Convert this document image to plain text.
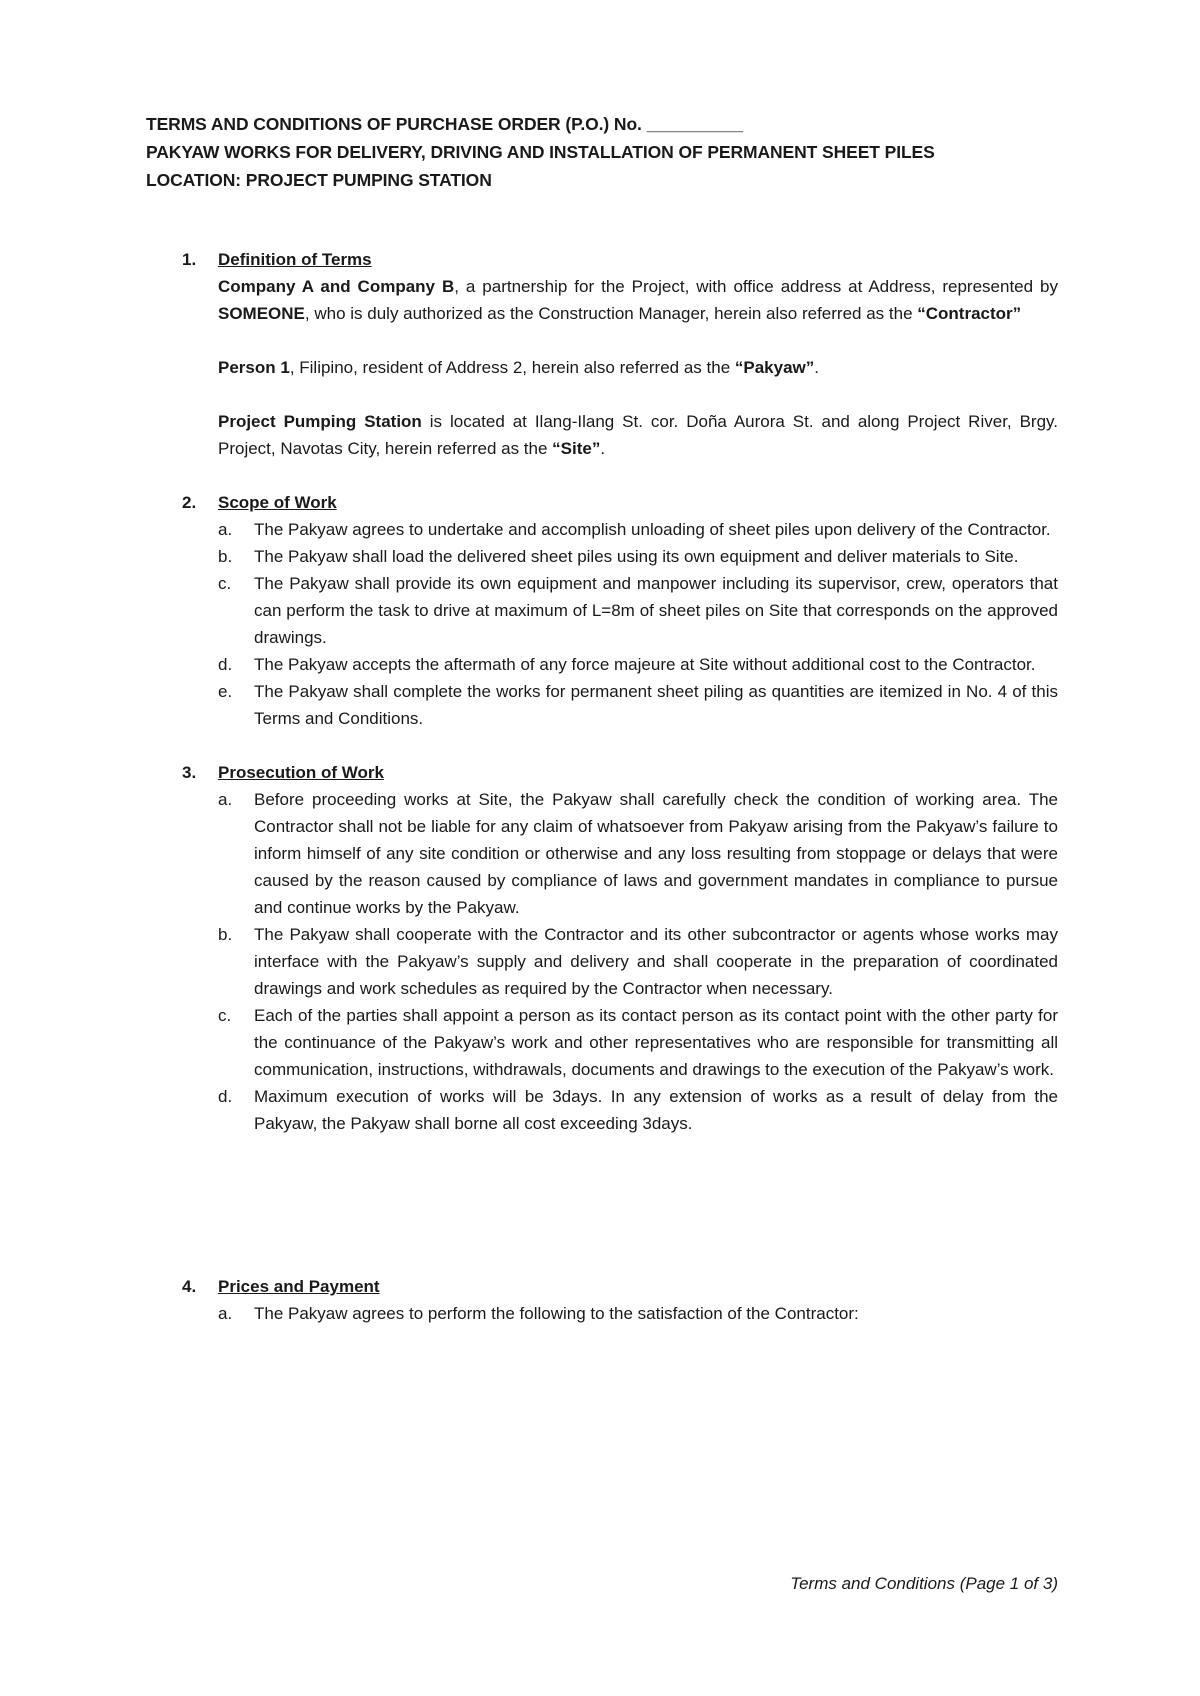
TERMS AND CONDITIONS OF PURCHASE ORDER (P.O.) No. __________
PAKYAW WORKS FOR DELIVERY, DRIVING AND INSTALLATION OF PERMANENT SHEET PILES
LOCATION: PROJECT PUMPING STATION
1. Definition of Terms
Company A and Company B, a partnership for the Project, with office address at Address, represented by SOMEONE, who is duly authorized as the Construction Manager, herein also referred as the “Contractor”
Person 1, Filipino, resident of Address 2, herein also referred as the “Pakyaw”.
Project Pumping Station is located at Ilang-Ilang St. cor. Doña Aurora St. and along Project River, Brgy. Project, Navotas City, herein referred as the “Site”.
2. Scope of Work
a. The Pakyaw agrees to undertake and accomplish unloading of sheet piles upon delivery of the Contractor.
b. The Pakyaw shall load the delivered sheet piles using its own equipment and deliver materials to Site.
c. The Pakyaw shall provide its own equipment and manpower including its supervisor, crew, operators that can perform the task to drive at maximum of L=8m of sheet piles on Site that corresponds on the approved drawings.
d. The Pakyaw accepts the aftermath of any force majeure at Site without additional cost to the Contractor.
e. The Pakyaw shall complete the works for permanent sheet piling as quantities are itemized in No. 4 of this Terms and Conditions.
3. Prosecution of Work
a. Before proceeding works at Site, the Pakyaw shall carefully check the condition of working area. The Contractor shall not be liable for any claim of whatsoever from Pakyaw arising from the Pakyaw’s failure to inform himself of any site condition or otherwise and any loss resulting from stoppage or delays that were caused by the reason caused by compliance of laws and government mandates in compliance to pursue and continue works by the Pakyaw.
b. The Pakyaw shall cooperate with the Contractor and its other subcontractor or agents whose works may interface with the Pakyaw’s supply and delivery and shall cooperate in the preparation of coordinated drawings and work schedules as required by the Contractor when necessary.
c. Each of the parties shall appoint a person as its contact person as its contact point with the other party for the continuance of the Pakyaw’s work and other representatives who are responsible for transmitting all communication, instructions, withdrawals, documents and drawings to the execution of the Pakyaw’s work.
d. Maximum execution of works will be 3days. In any extension of works as a result of delay from the Pakyaw, the Pakyaw shall borne all cost exceeding 3days.
4. Prices and Payment
a. The Pakyaw agrees to perform the following to the satisfaction of the Contractor:
Terms and Conditions (Page 1 of 3)
